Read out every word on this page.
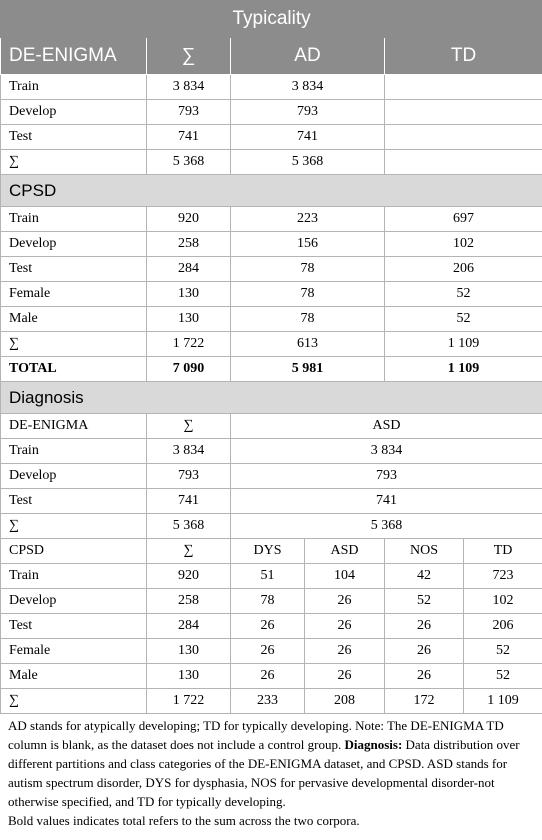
Typicality					
DE-ENIGMA	∑	AD		TD	
Train	3 834	3 834			
Develop	793	793			
Test	741	741			
∑	5 368	5 368			
CPSD					
Train	920	223		697	
Develop	258	156		102	
Test	284	78		206	
Female	130	78		52	
Male	130	78		52	
∑	1 722	613		1 109	
TOTAL	7 090	5 981		1 109	
Diagnosis					
DE-ENIGMA	∑	ASD			
Train	3 834	3 834			
Develop	793	793			
Test	741	741			
∑	5 368	5 368			
CPSD	∑	DYS	ASD	NOS	TD
Train	920	51	104	42	723
Develop	258	78	26	52	102
Test	284	26	26	26	206
Female	130	26	26	26	52
Male	130	26	26	26	52
∑	1 722	233	208	172	1 109

AD stands for atypically developing; TD for typically developing. Note: The DE-ENIGMA TD column is blank, as the dataset does not include a control group. Diagnosis: Data distribution over different partitions and class categories of the DE-ENIGMA dataset, and CPSD. ASD stands for autism spectrum disorder, DYS for dysphasia, NOS for pervasive developmental disorder-not otherwise specified, and TD for typically developing.

Bold values indicates total refers to the sum across the two corpora.
